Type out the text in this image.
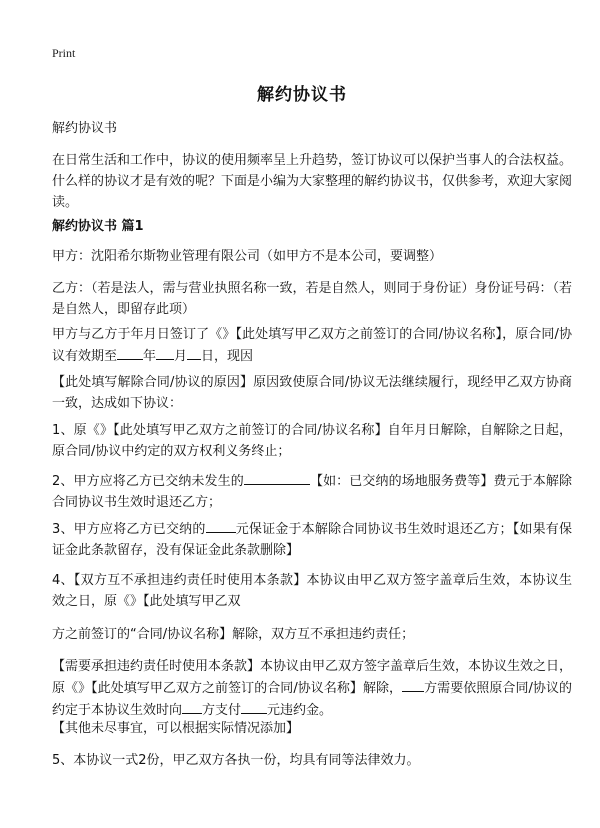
Print
解约协议书
解约协议书
在日常生活和工作中，协议的使用频率呈上升趋势，签订协议可以保护当事人的合法权益。什么样的协议才是有效的呢？下面是小编为大家整理的解约协议书，仅供参考，欢迎大家阅读。
解约协议书 篇1
甲方：沈阳希尔斯物业管理有限公司（如甲方不是本公司，要调整）
乙方：（若是法人，需与营业执照名称一致，若是自然人，则同于身份证）身份证号码：（若是自然人，即留存此项）
甲方与乙方于年月日签订了《》【此处填写甲乙双方之前签订的合同/协议名称】，原合同/协议有效期至 年 月 日，现因
【此处填写解除合同/协议的原因】原因致使原合同/协议无法继续履行，现经甲乙双方协商一致，达成如下协议：
1、原《》【此处填写甲乙双方之前签订的合同/协议名称】自年月日解除，自解除之日起，原合同/协议中约定的双方权利义务终止；
2、甲方应将乙方已交纳未发生的	【如：已交纳的场地服务费等】费元于本解除合同协议书生效时退还乙方；
3、甲方应将乙方已交纳的 元保证金于本解除合同协议书生效时退还乙方；【如果有保证金此条款留存，没有保证金此条款删除】
4、【双方互不承担违约责任时使用本条款】本协议由甲乙双方签字盖章后生效，本协议生效之日，原《》【此处填写甲乙双
方之前签订的“合同/协议名称】解除，双方互不承担违约责任；
【需要承担违约责任时使用本条款】本协议由甲乙双方签字盖章后生效，本协议生效之日，原《》【此处填写甲乙双方之前签订的合同/协议名称】解除， 方需要依照原合同/协议的约定于本协议生效时向 方支付 元违约金。
【其他未尽事宜，可以根据实际情况添加】
5、本协议一式2份，甲乙双方各执一份，均具有同等法律效力。
